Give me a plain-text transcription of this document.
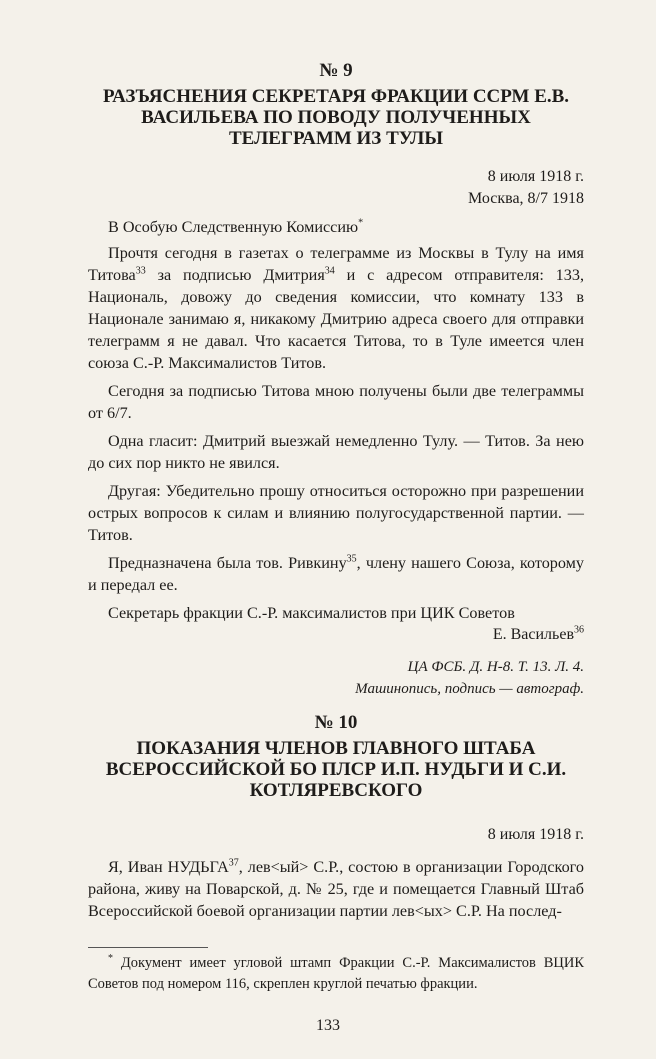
№ 9
РАЗЪЯСНЕНИЯ СЕКРЕТАРЯ ФРАКЦИИ ССРМ Е.В. ВАСИЛЬЕВА ПО ПОВОДУ ПОЛУЧЕННЫХ ТЕЛЕГРАММ ИЗ ТУЛЫ
8 июля 1918 г.
Москва, 8/7 1918

В Особую Следственную Комиссию*

Прочтя сегодня в газетах о телеграмме из Москвы в Тулу на имя Титова$^{33}$ за подписью Дмитрия$^{34}$ и с адресом отправителя: 133, Националь, довожу до сведения комиссии, что комнату 133 в Национале занимаю я, никакому Дмитрию адреса своего для отправки телеграмм я не давал. Что касается Титова, то в Туле имеется член союза С.-Р. Максималистов Титов.

Сегодня за подписью Титова мною получены были две телеграммы от 6/7.

Одна гласит: Дмитрий выезжай немедленно Тулу. — Титов. За нею до сих пор никто не явился.

Другая: Убедительно прошу относиться осторожно при разрешении острых вопросов к силам и влиянию полугосударственной партии. — Титов.

Предназначена была тов. Ривкину$^{35}$, члену нашего Союза, которому и передал ее.

Секретарь фракции С.-Р. максималистов при ЦИК Советов

Е. Васильев$^{36}$
ЦА ФСБ. Д. Н-8. Т. 13. Л. 4.
Машинопись, подпись — автограф.
№ 10
ПОКАЗАНИЯ ЧЛЕНОВ ГЛАВНОГО ШТАБА ВСЕРОССИЙСКОЙ БО ПЛСР И.П. НУДЬГИ И С.И. КОТЛЯРЕВСКОГО
8 июля 1918 г.

Я, Иван НУДЬГА$^{37}$, лев<ый> С.Р., состою в организации Городского района, живу на Поварской, д. № 25, где и помещается Главный Штаб Всероссийской боевой организации партии лев<ых> С.Р. На послед-

* Документ имеет угловой штамп Фракции С.-Р. Максималистов ВЦИК Советов под номером 116, скреплен круглой печатью фракции.

133
